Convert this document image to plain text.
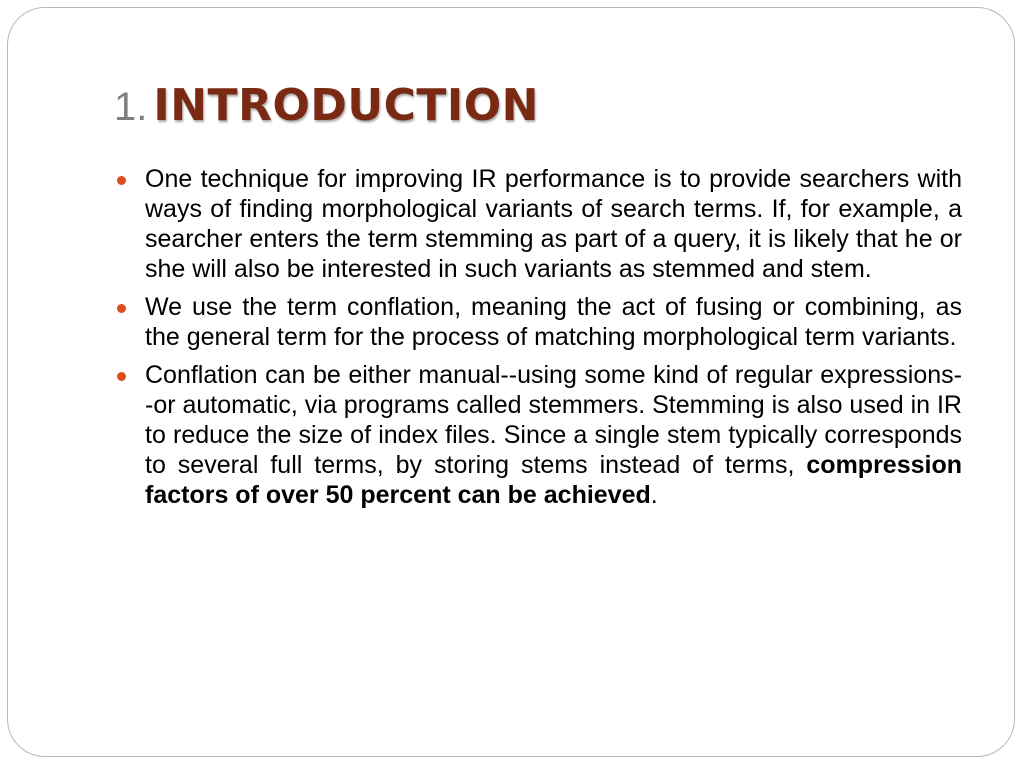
1. INTRODUCTION

One technique for improving IR performance is to provide searchers with ways of finding morphological variants of search terms. If, for example, a searcher enters the term stemming as part of a query, it is likely that he or she will also be interested in such variants as stemmed and stem.

We use the term conflation, meaning the act of fusing or combining, as the general term for the process of matching morphological term variants.

Conflation can be either manual--using some kind of regular expressions--or automatic, via programs called stemmers. Stemming is also used in IR to reduce the size of index files. Since a single stem typically corresponds to several full terms, by storing stems instead of terms, compression factors of over 50 percent can be achieved.
